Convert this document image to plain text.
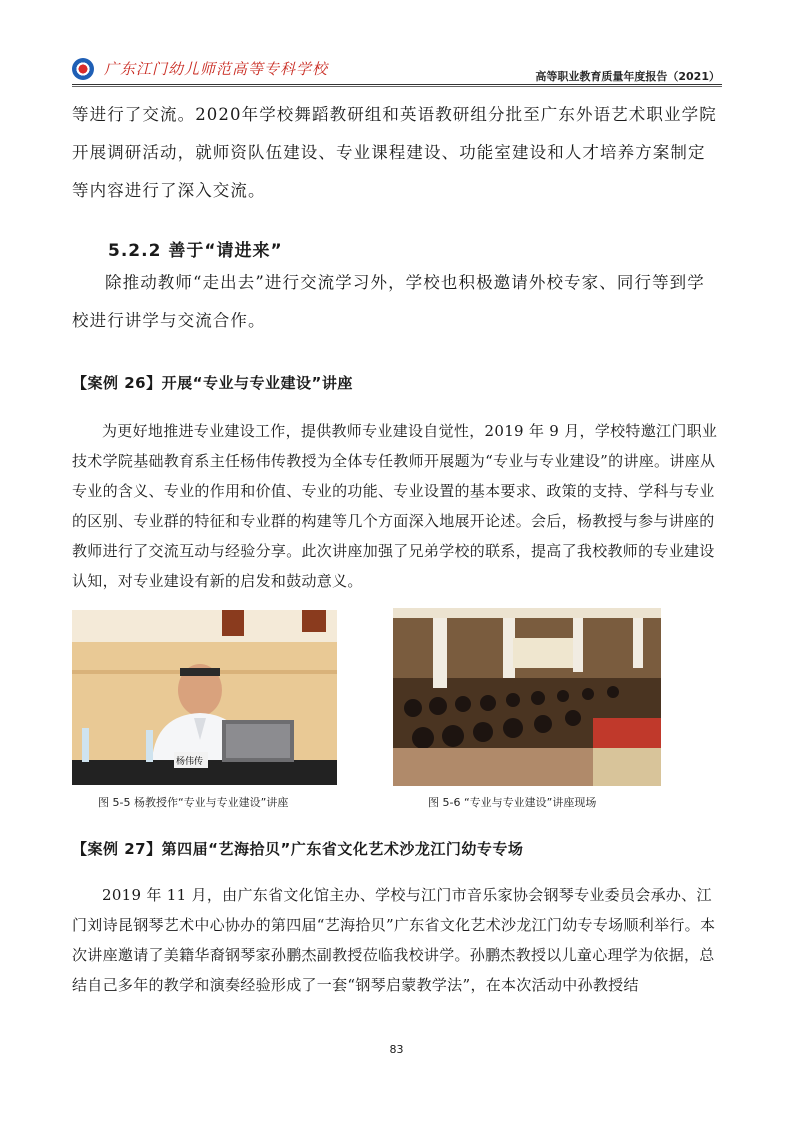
广东江门幼儿师范高等专科学校	高等职业教育质量年度报告（2021）
等进行了交流。2020年学校舞蹈教研组和英语教研组分批至广东外语艺术职业学院开展调研活动，就师资队伍建设、专业课程建设、功能室建设和人才培养方案制定等内容进行了深入交流。
5.2.2 善于“请进来”
除推动教师“走出去”进行交流学习外，学校也积极邀请外校专家、同行等到学校进行讲学与交流合作。
【案例 26】开展“专业与专业建设”讲座
为更好地推进专业建设工作，提供教师专业建设自觉性，2019 年 9 月，学校特邀江门职业技术学院基础教育系主任杨伟传教授为全体专任教师开展题为“专业与专业建设”的讲座。讲座从专业的含义、专业的作用和价值、专业的功能、专业设置的基本要求、政策的支持、学科与专业的区别、专业群的特征和专业群的构建等几个方面深入地展开论述。会后，杨教授与参与讲座的教师进行了交流互动与经验分享。此次讲座加强了兄弟学校的联系，提高了我校教师的专业建设认知，对专业建设有新的启发和鼓动意义。
杨伟传
图 5-5 杨教授作“专业与专业建设”讲座	图 5-6 “专业与专业建设”讲座现场
【案例 27】第四届“艺海拾贝”广东省文化艺术沙龙江门幼专专场
2019 年 11 月，由广东省文化馆主办、学校与江门市音乐家协会钢琴专业委员会承办、江门刘诗昆钢琴艺术中心协办的第四届“艺海拾贝”广东省文化艺术沙龙江门幼专专场顺利举行。本次讲座邀请了美籍华裔钢琴家孙鹏杰副教授莅临我校讲学。孙鹏杰教授以儿童心理学为依据，总结自己多年的教学和演奏经验形成了一套“钢琴启蒙教学法”，在本次活动中孙教授结
83
